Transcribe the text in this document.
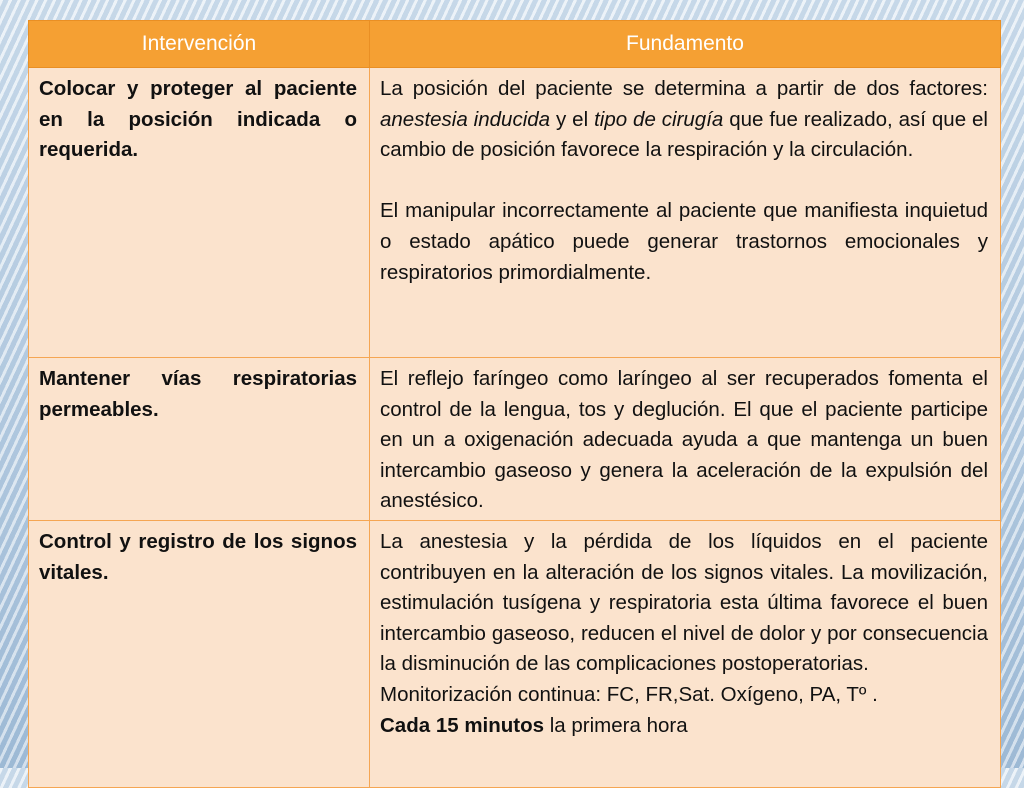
Intervención	Fundamento
Colocar y proteger al paciente en la posición indicada o requerida.	La posición del paciente se determina a partir de dos factores: anestesia inducida y el tipo de cirugía que fue realizado, así que el cambio de posición favorece la respiración y la circulación.

El manipular incorrectamente al paciente que manifiesta inquietud o estado apático puede generar trastornos emocionales y respiratorios primordialmente.

Mantener vías respiratorias permeables.	El reflejo faríngeo como laríngeo al ser recuperados fomenta el control de la lengua, tos y deglución. El que el paciente participe en un a oxigenación adecuada ayuda a que mantenga un buen intercambio gaseoso y genera la aceleración de la expulsión del anestésico.

Control y registro de los signos vitales.	La anestesia y la pérdida de los líquidos en el paciente contribuyen en la alteración de los signos vitales. La movilización, estimulación tusígena y respiratoria esta última favorece el buen intercambio gaseoso, reducen el nivel de dolor y por consecuencia la disminución de las complicaciones postoperatorias.
Monitorización continua: FC, FR,Sat. Oxígeno, PA, Tº .
Cada 15 minutos la primera hora
